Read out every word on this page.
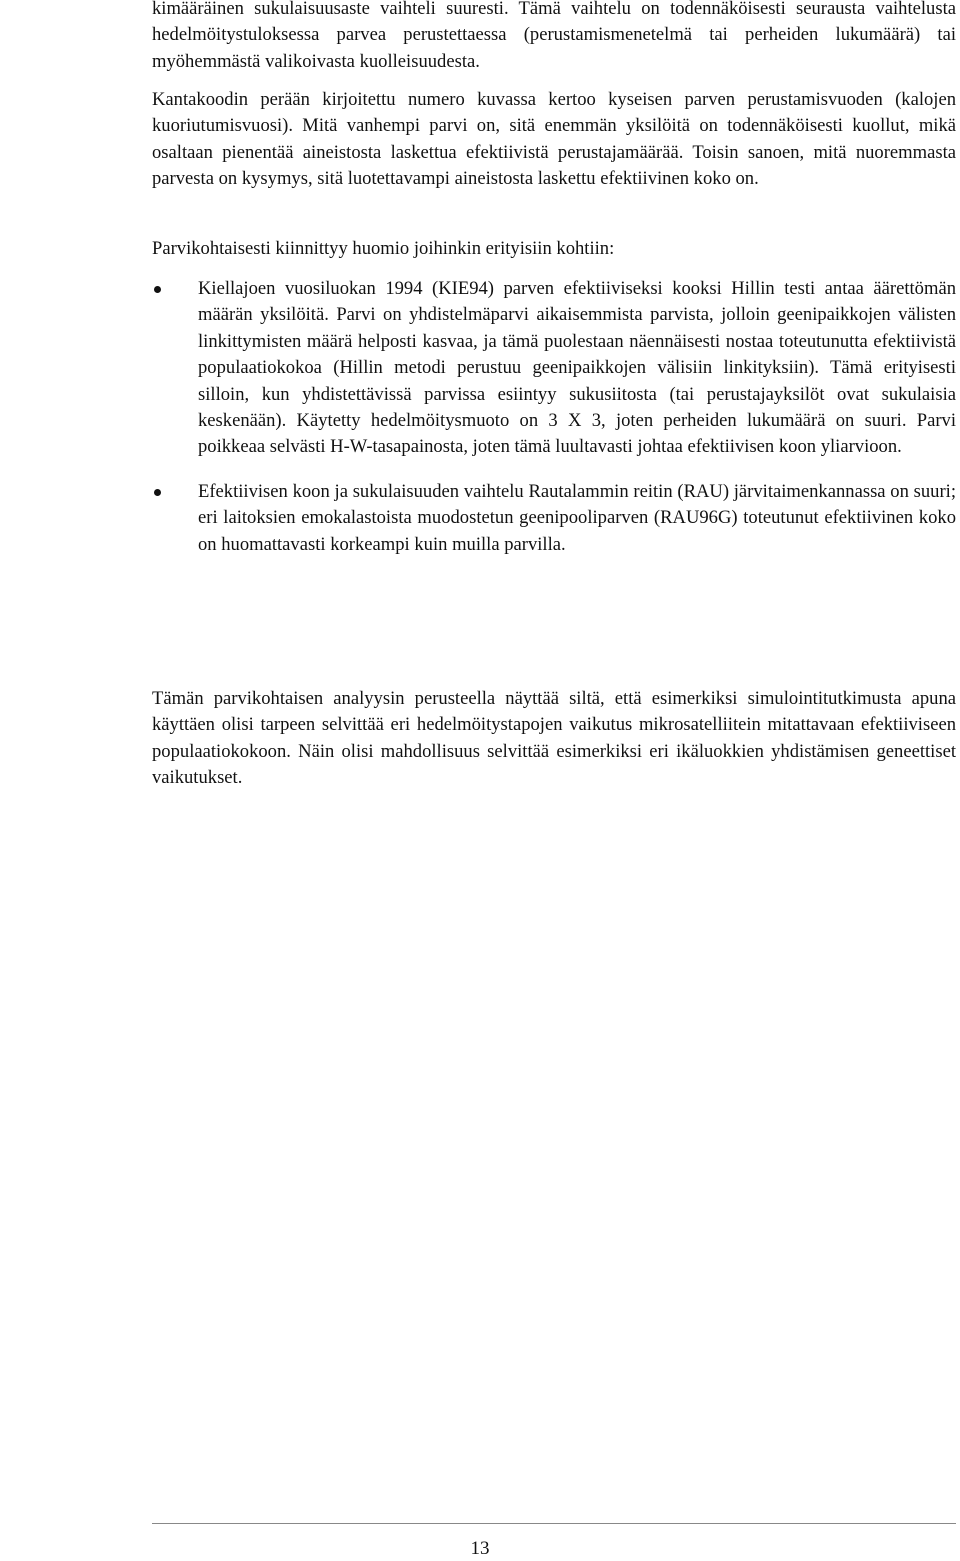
kimääräinen sukulaisuusaste vaihteli suuresti. Tämä vaihtelu on todennäköisesti seurausta vaihtelusta hedelmöitystuloksessa parvea perustettaessa (perustamismenetelmä tai perheiden lukumäärä) tai myöhemmästä valikoivasta kuolleisuudesta.

Kantakoodin perään kirjoitettu numero kuvassa kertoo kyseisen parven perustamisvuoden (kalojen kuoriutumisvuosi). Mitä vanhempi parvi on, sitä enemmän yksilöitä on todennäköisesti kuollut, mikä osaltaan pienentää aineistosta laskettua efektiivistä perustajamäärää. Toisin sanoen, mitä nuoremmasta parvesta on kysymys, sitä luotettavampi aineistosta laskettu efektiivinen koko on.

Parvikohtaisesti kiinnittyy huomio joihinkin erityisiin kohtiin:

Kiellajoen vuosiluokan 1994 (KIE94) parven efektiiviseksi kooksi Hillin testi antaa äärettömän määrän yksilöitä. Parvi on yhdistelmäparvi aikaisemmista parvista, jolloin geenipaikkojen välisten linkittymisten määrä helposti kasvaa, ja tämä puolestaan näennäisesti nostaa toteutunutta efektiivistä populaatiokokoa (Hillin metodi perustuu geenipaikkojen välisiin linkityksiin). Tämä erityisesti silloin, kun yhdistettävissä parvissa esiintyy sukusiitosta (tai perustajayksilöt ovat sukulaisia keskenään). Käytetty hedelmöitysmuoto on 3 X 3, joten perheiden lukumäärä on suuri. Parvi poikkeaa selvästi H-W-tasapainosta, joten tämä luultavasti johtaa efektiivisen koon yliarvioon.
Efektiivisen koon ja sukulaisuuden vaihtelu Rautalammin reitin (RAU) järvitaimenkannassa on suuri; eri laitoksien emokalastoista muodostetun geenipooliparven (RAU96G) toteutunut efektiivinen koko on huomattavasti korkeampi kuin muilla parvilla.

Tämän parvikohtaisen analyysin perusteella näyttää siltä, että esimerkiksi simulointitutkimusta apuna käyttäen olisi tarpeen selvittää eri hedelmöitystapojen vaikutus mikrosatelliitein mitattavaan efektiiviseen populaatiokokoon. Näin olisi mahdollisuus selvittää esimerkiksi eri ikäluokkien yhdistämisen geneettiset vaikutukset.

13
